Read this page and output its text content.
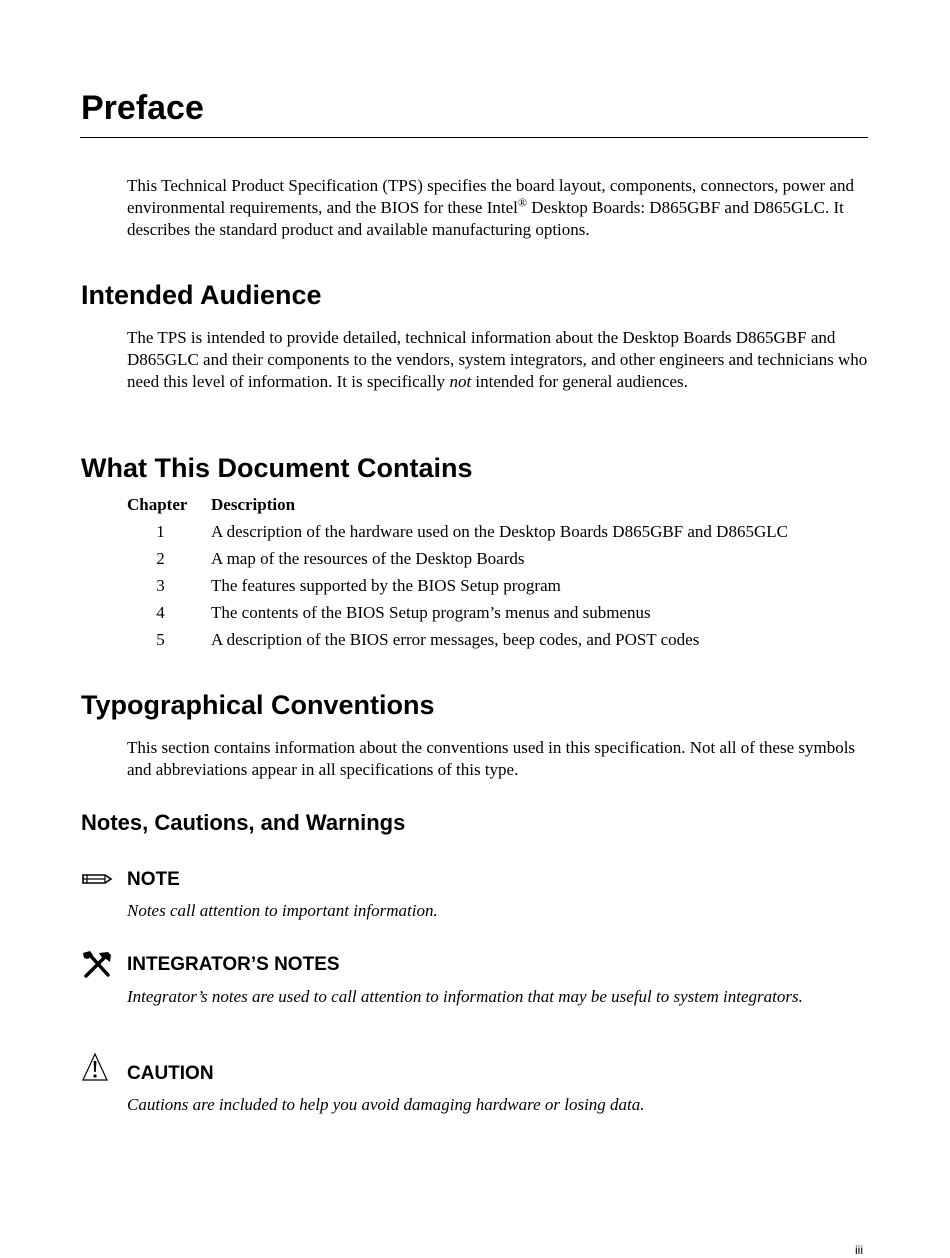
Preface

This Technical Product Specification (TPS) specifies the board layout, components, connectors, power and environmental requirements, and the BIOS for these Intel® Desktop Boards: D865GBF and D865GLC. It describes the standard product and available manufacturing options.

Intended Audience

The TPS is intended to provide detailed, technical information about the Desktop Boards D865GBF and D865GLC and their components to the vendors, system integrators, and other engineers and technicians who need this level of information. It is specifically not intended for general audiences.

What This Document Contains
Chapter Description
1	A description of the hardware used on the Desktop Boards D865GBF and D865GLC
2	A map of the resources of the Desktop Boards
3	The features supported by the BIOS Setup program
4	The contents of the BIOS Setup program’s menus and submenus
5	A description of the BIOS error messages, beep codes, and POST codes
Typographical Conventions

This section contains information about the conventions used in this specification. Not all of these symbols and abbreviations appear in all specifications of this type.

Notes, Cautions, and Warnings
NOTE

Notes call attention to important information.

INTEGRATOR’S NOTES

Integrator’s notes are used to call attention to information that may be useful to system integrators.

CAUTION

Cautions are included to help you avoid damaging hardware or losing data.

iii
